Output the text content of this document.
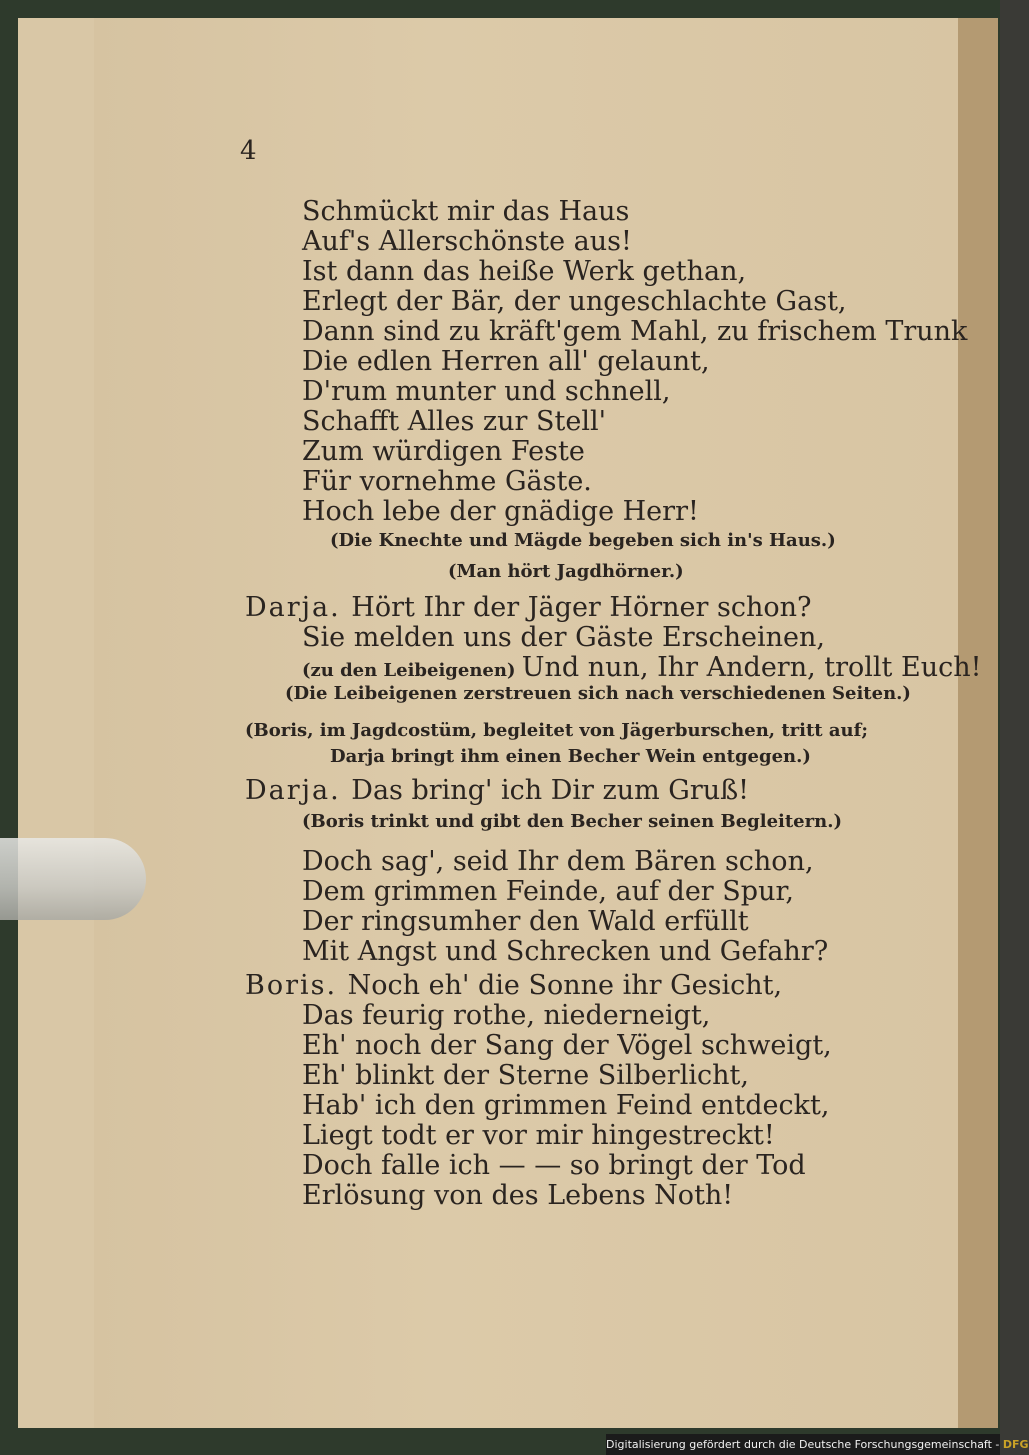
4
Schmückt mir das Haus
Auf's Allerschönste aus!
Ist dann das heiße Werk gethan,
Erlegt der Bär, der ungeschlachte Gast,
Dann sind zu kräft'gem Mahl, zu frischem Trunk
Die edlen Herren all' gelaunt,
D'rum munter und schnell,
Schafft Alles zur Stell'
Zum würdigen Feste
Für vornehme Gäste.
Hoch lebe der gnädige Herr!
(Die Knechte und Mägde begeben sich in's Haus.)
(Man hört Jagdhörner.)
Darja. Hört Ihr der Jäger Hörner schon?
Sie melden uns der Gäste Erscheinen,
(zu den Leibeigenen) Und nun, Ihr Andern, trollt Euch!
(Die Leibeigenen zerstreuen sich nach verschiedenen Seiten.)
(Boris, im Jagdcostüm, begleitet von Jägerburschen, tritt auf;
Darja bringt ihm einen Becher Wein entgegen.)
Darja. Das bring' ich Dir zum Gruß!
(Boris trinkt und gibt den Becher seinen Begleitern.)
Doch sag', seid Ihr dem Bären schon,
Dem grimmen Feinde, auf der Spur,
Der ringsumher den Wald erfüllt
Mit Angst und Schrecken und Gefahr?
Boris. Noch eh' die Sonne ihr Gesicht,
Das feurig rothe, niederneigt,
Eh' noch der Sang der Vögel schweigt,
Eh' blinkt der Sterne Silberlicht,
Hab' ich den grimmen Feind entdeckt,
Liegt todt er vor mir hingestreckt!
Doch falle ich — — so bringt der Tod
Erlösung von des Lebens Noth!
Digitalisierung gefördert durch die Deutsche Forschungsgemeinschaft - DFG
